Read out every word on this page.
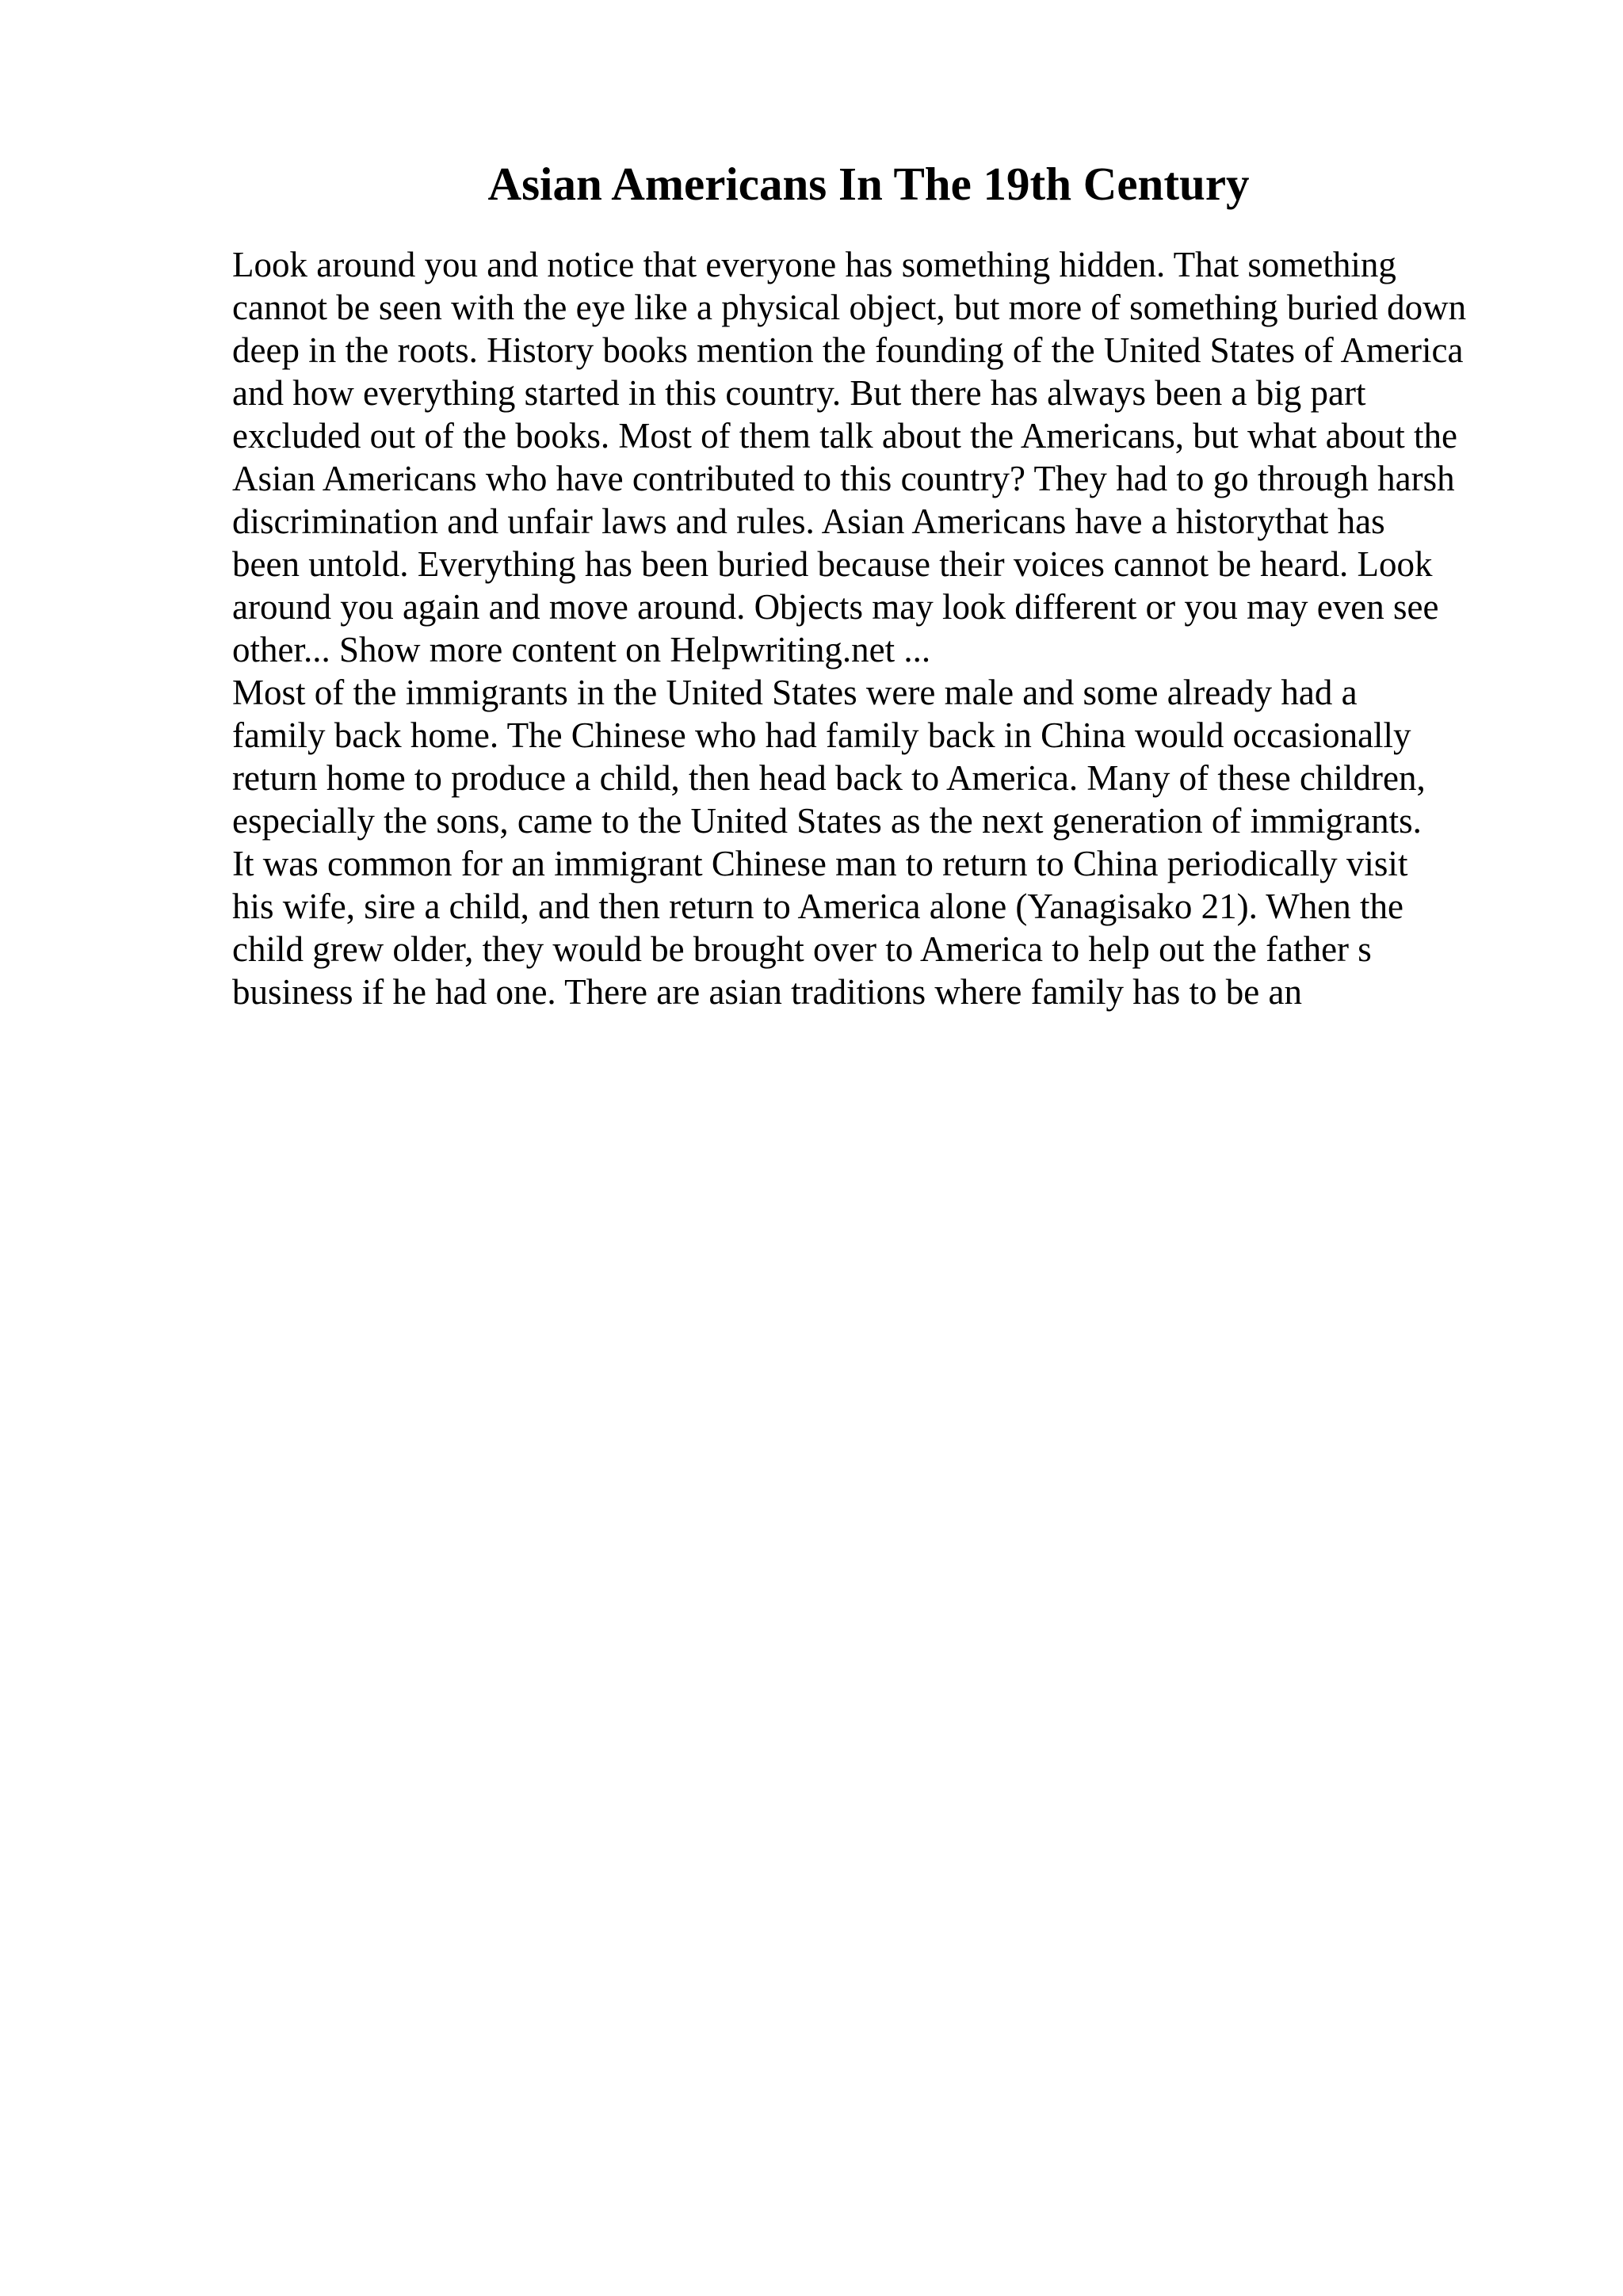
Asian Americans In The 19th Century
Look around you and notice that everyone has something hidden. That something
cannot be seen with the eye like a physical object, but more of something buried down
deep in the roots. History books mention the founding of the United States of America
and how everything started in this country. But there has always been a big part
excluded out of the books. Most of them talk about the Americans, but what about the
Asian Americans who have contributed to this country? They had to go through harsh
discrimination and unfair laws and rules. Asian Americans have a historythat has
been untold. Everything has been buried because their voices cannot be heard. Look
around you again and move around. Objects may look different or you may even see
other... Show more content on Helpwriting.net ...
Most of the immigrants in the United States were male and some already had a
family back home. The Chinese who had family back in China would occasionally
return home to produce a child, then head back to America. Many of these children,
especially the sons, came to the United States as the next generation of immigrants.
It was common for an immigrant Chinese man to return to China periodically visit
his wife, sire a child, and then return to America alone (Yanagisako 21). When the
child grew older, they would be brought over to America to help out the father s
business if he had one. There are asian traditions where family has to be an
